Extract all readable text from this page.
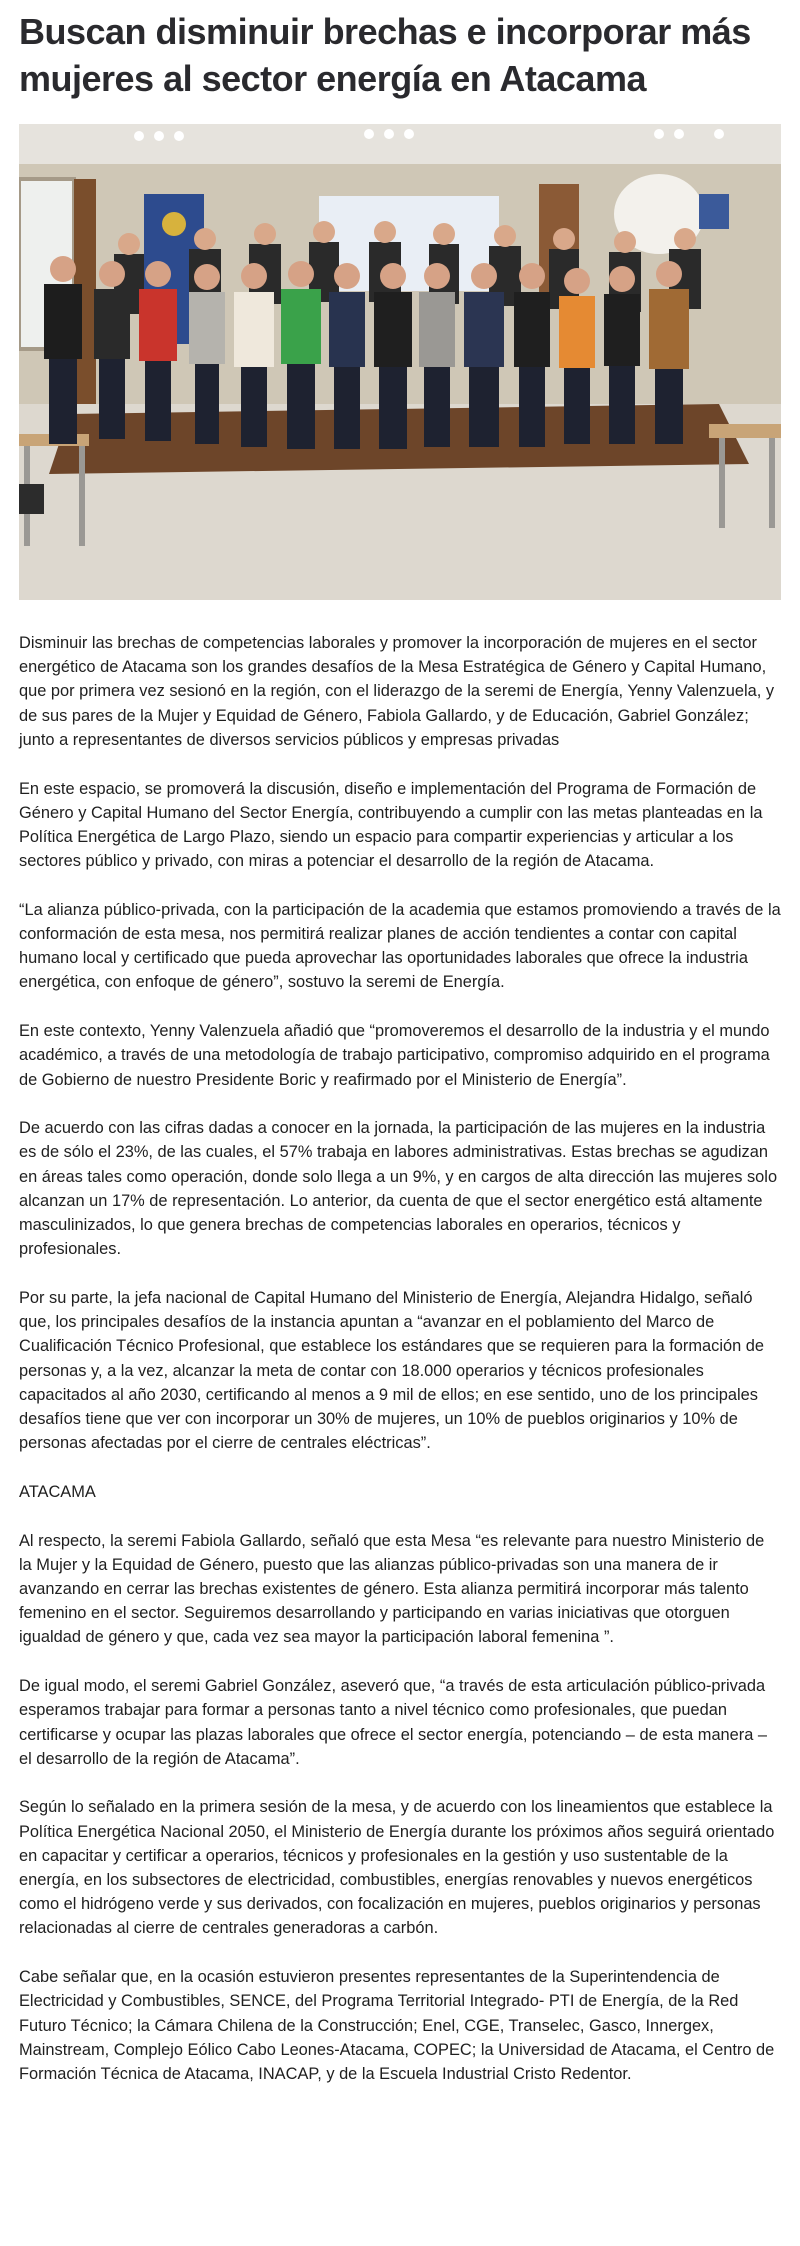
Buscan disminuir brechas e incorporar más mujeres al sector energía en Atacama

Disminuir las brechas de competencias laborales y promover la incorporación de mujeres en el sector energético de Atacama son los grandes desafíos de la Mesa Estratégica de Género y Capital Humano, que por primera vez sesionó en la región, con el liderazgo de la seremi de Energía, Yenny Valenzuela, y de sus pares de la Mujer y Equidad de Género, Fabiola Gallardo, y de Educación, Gabriel González; junto a representantes de diversos servicios públicos y empresas privadas

En este espacio, se promoverá la discusión, diseño e implementación del Programa de Formación de Género y Capital Humano del Sector Energía, contribuyendo a cumplir con las metas planteadas en la Política Energética de Largo Plazo, siendo un espacio para compartir experiencias y articular a los sectores público y privado, con miras a potenciar el desarrollo de la región de Atacama.

“La alianza público-privada, con la participación de la academia que estamos promoviendo a través de la conformación de esta mesa, nos permitirá realizar planes de acción tendientes a contar con capital humano local y certificado que pueda aprovechar las oportunidades laborales que ofrece la industria energética, con enfoque de género”, sostuvo la seremi de Energía.

En este contexto, Yenny Valenzuela añadió que “promoveremos el desarrollo de la industria y el mundo académico, a través de una metodología de trabajo participativo, compromiso adquirido en el programa de Gobierno de nuestro Presidente Boric y reafirmado por el Ministerio de Energía”.

De acuerdo con las cifras dadas a conocer en la jornada, la participación de las mujeres en la industria es de sólo el 23%, de las cuales, el 57% trabaja en labores administrativas. Estas brechas se agudizan en áreas tales como operación, donde solo llega a un 9%, y en cargos de alta dirección las mujeres solo alcanzan un 17% de representación. Lo anterior, da cuenta de que el sector energético está altamente masculinizados, lo que genera brechas de competencias laborales en operarios, técnicos y profesionales.

Por su parte, la jefa nacional de Capital Humano del Ministerio de Energía, Alejandra Hidalgo, señaló que, los principales desafíos de la instancia apuntan a “avanzar en el poblamiento del Marco de Cualificación Técnico Profesional, que establece los estándares que se requieren para la formación de personas y, a la vez, alcanzar la meta de contar con 18.000 operarios y técnicos profesionales capacitados al año 2030, certificando al menos a 9 mil de ellos; en ese sentido, uno de los principales desafíos tiene que ver con incorporar un 30% de mujeres, un 10% de pueblos originarios y 10% de personas afectadas por el cierre de centrales eléctricas”.

ATACAMA

Al respecto, la seremi Fabiola Gallardo, señaló que esta Mesa “es relevante para nuestro Ministerio de la Mujer y la Equidad de Género, puesto que las alianzas público-privadas son una manera de ir avanzando en cerrar las brechas existentes de género. Esta alianza permitirá incorporar más talento femenino en el sector. Seguiremos desarrollando y participando en varias iniciativas que otorguen igualdad de género y que, cada vez sea mayor la participación laboral femenina ”.

De igual modo, el seremi Gabriel González, aseveró que, “a través de esta articulación público-privada esperamos trabajar para formar a personas tanto a nivel técnico como profesionales, que puedan certificarse y ocupar las plazas laborales que ofrece el sector energía, potenciando – de esta manera – el desarrollo de la región de Atacama”.

Según lo señalado en la primera sesión de la mesa, y de acuerdo con los lineamientos que establece la Política Energética Nacional 2050, el Ministerio de Energía durante los próximos años seguirá orientado en capacitar y certificar a operarios, técnicos y profesionales en la gestión y uso sustentable de la energía, en los subsectores de electricidad, combustibles, energías renovables y nuevos energéticos como el hidrógeno verde y sus derivados, con focalización en mujeres, pueblos originarios y personas relacionadas al cierre de centrales generadoras a carbón.

Cabe señalar que, en la ocasión estuvieron presentes representantes de la Superintendencia de Electricidad y Combustibles, SENCE, del Programa Territorial Integrado- PTI de Energía, de la Red Futuro Técnico; la Cámara Chilena de la Construcción; Enel, CGE, Transelec, Gasco, Innergex, Mainstream, Complejo Eólico Cabo Leones-Atacama, COPEC; la Universidad de Atacama, el Centro de Formación Técnica de Atacama, INACAP, y de la Escuela Industrial Cristo Redentor.
